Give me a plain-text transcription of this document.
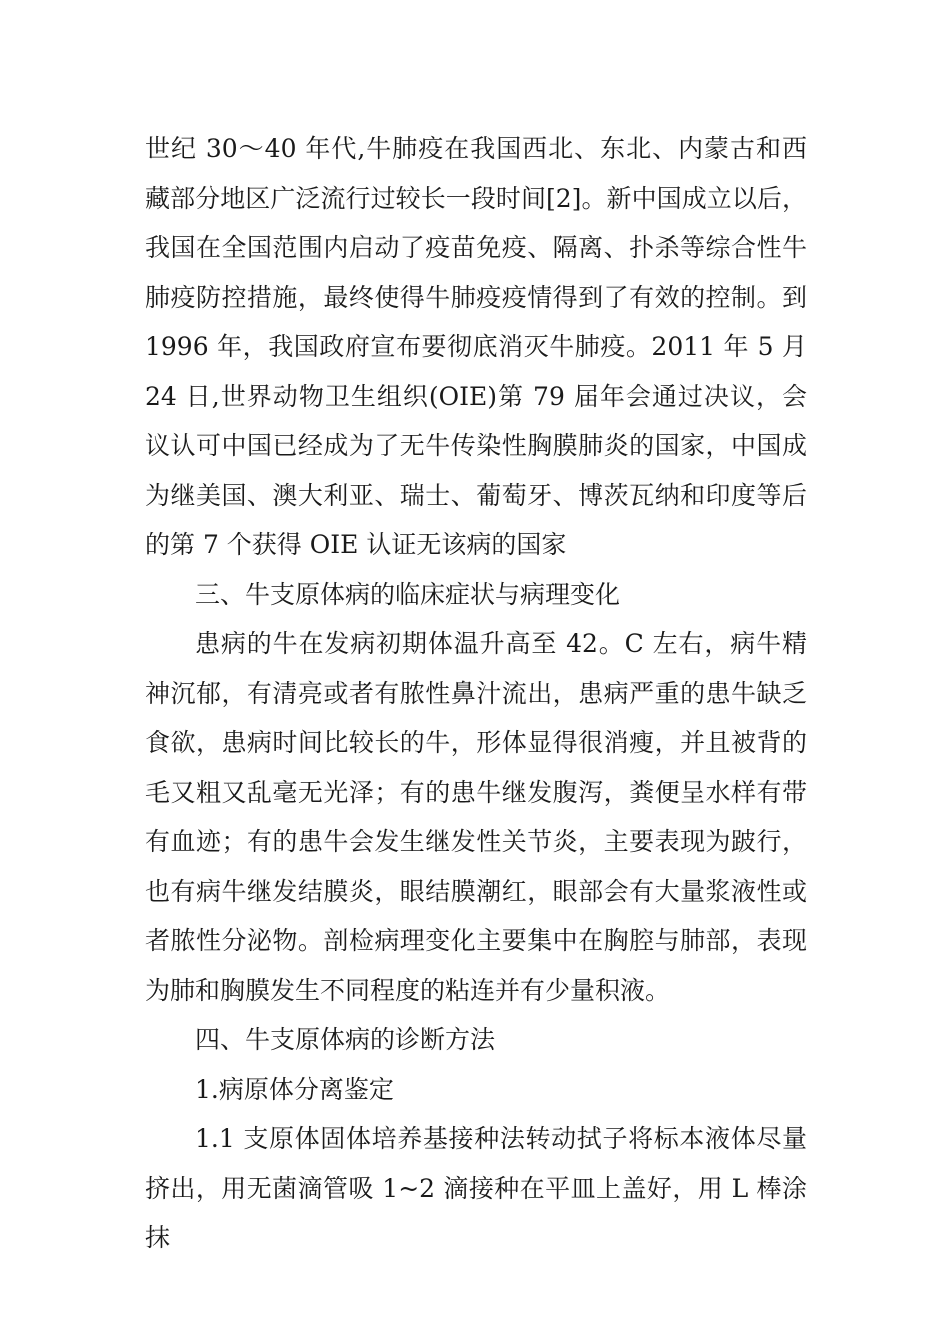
世纪 30～40 年代,牛肺疫在我国西北、东北、内蒙古和西藏部分地区广泛流行过较长一段时间[2]。新中国成立以后，我国在全国范围内启动了疫苗免疫、隔离、扑杀等综合性牛肺疫防控措施，最终使得牛肺疫疫情得到了有效的控制。到 1996 年，我国政府宣布要彻底消灭牛肺疫。2011 年 5 月 24 日,世界动物卫生组织(OIE)第 79 届年会通过决议，会议认可中国已经成为了无牛传染性胸膜肺炎的国家，中国成为继美国、澳大利亚、瑞士、葡萄牙、博茨瓦纳和印度等后的第 7 个获得 OIE 认证无该病的国家

三、牛支原体病的临床症状与病理变化

患病的牛在发病初期体温升高至 42。C 左右，病牛精神沉郁，有清亮或者有脓性鼻汁流出，患病严重的患牛缺乏食欲，患病时间比较长的牛，形体显得很消瘦，并且被背的毛又粗又乱毫无光泽；有的患牛继发腹泻，粪便呈水样有带有血迹；有的患牛会发生继发性关节炎，主要表现为跛行，也有病牛继发结膜炎，眼结膜潮红，眼部会有大量浆液性或者脓性分泌物。剖检病理变化主要集中在胸腔与肺部，表现为肺和胸膜发生不同程度的粘连并有少量积液。

四、牛支原体病的诊断方法

1.病原体分离鉴定

1.1 支原体固体培养基接种法转动拭子将标本液体尽量挤出，用无菌滴管吸 1~2 滴接种在平皿上盖好，用 L 棒涂抹
